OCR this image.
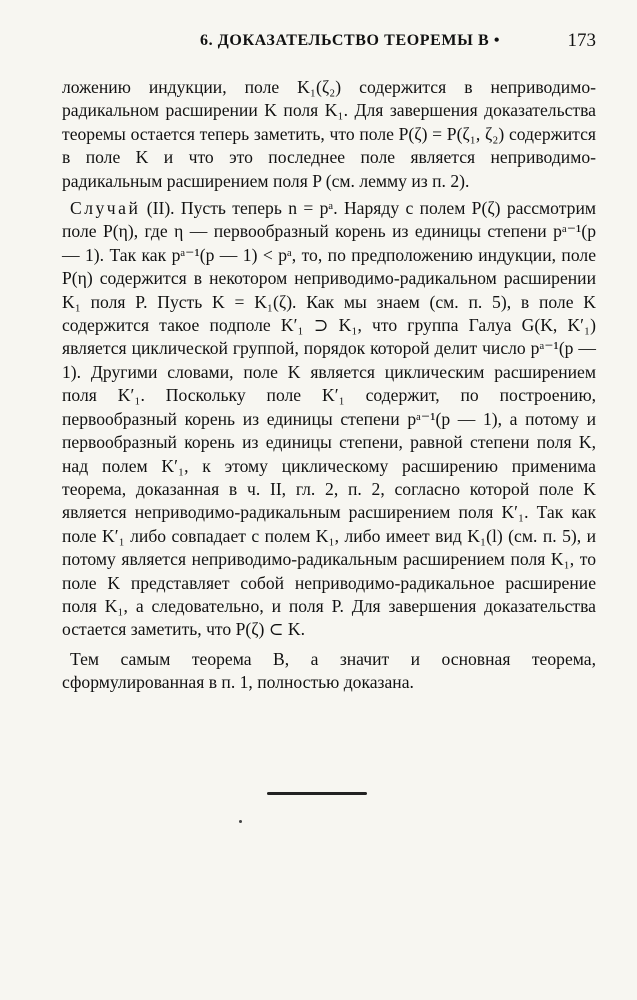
6. ДОКАЗАТЕЛЬСТВО ТЕОРЕМЫ В •	173

ложению индукции, поле K₁(ζ₂) содержится в неприводимо-радикальном расширении K поля K₁. Для завершения доказательства теоремы остается теперь заметить, что поле P(ζ) = P(ζ₁, ζ₂) содержится в поле K и что это последнее поле является неприводимо-радикальным расширением поля P (см. лемму из п. 2).

Случай (II). Пусть теперь n = pᵃ. Наряду с полем P(ζ) рассмотрим поле P(η), где η — первообразный корень из единицы степени pᵃ⁻¹(p — 1). Так как pᵃ⁻¹(p — 1) < pᵃ, то, по предположению индукции, поле P(η) содержится в некотором неприводимо-радикальном расширении K₁ поля P. Пусть K = K₁(ζ). Как мы знаем (см. п. 5), в поле K содержится такое подполе K′₁ ⊃ K₁, что группа Галуа G(K, K′₁) является циклической группой, порядок которой делит число pᵃ⁻¹(p — 1). Другими словами, поле K является циклическим расширением поля K′₁. Поскольку поле K′₁ содержит, по построению, первообразный корень из единицы степени pᵃ⁻¹(p — 1), а потому и первообразный корень из единицы степени, равной степени поля K, над полем K′₁, к этому циклическому расширению применима теорема, доказанная в ч. II, гл. 2, п. 2, согласно которой поле K является неприводимо-радикальным расширением поля K′₁. Так как поле K′₁ либо совпадает с полем K₁, либо имеет вид K₁(l) (см. п. 5), и потому является неприводимо-радикальным расширением поля K₁, то поле K представляет собой неприводимо-радикальное расширение поля K₁, а следовательно, и поля P. Для завершения доказательства остается заметить, что P(ζ) ⊂ K.

Тем самым теорема В, а значит и основная теорема, сформулированная в п. 1, полностью доказана.
